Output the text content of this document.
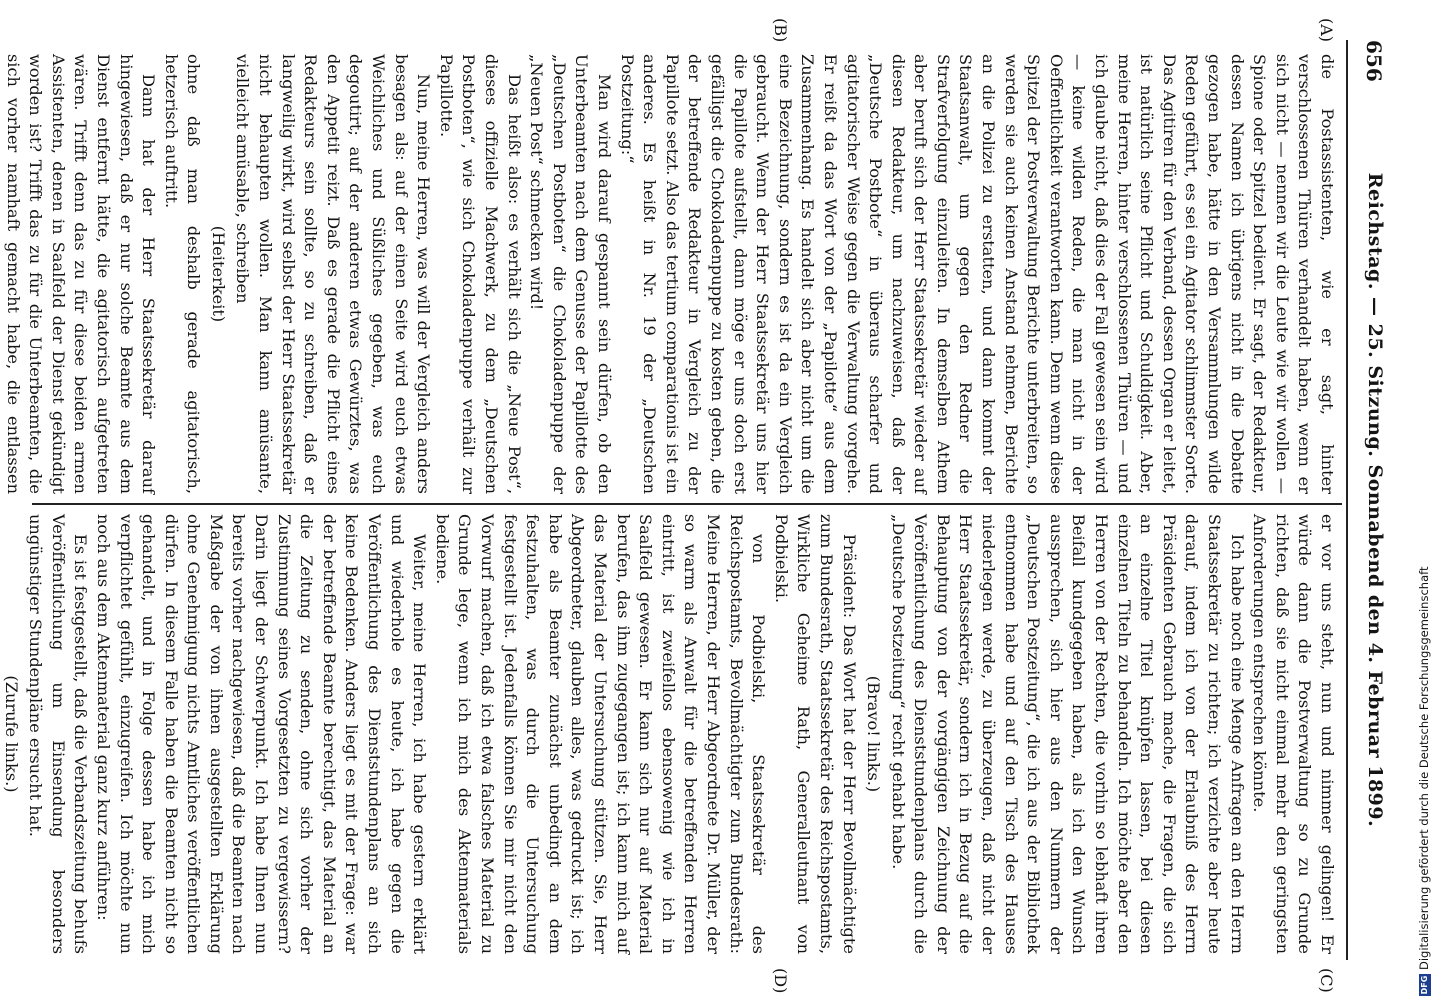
656
Reichstag. — 25. Sitzung. Sonnabend den 4. Februar 1899.
(A)
(B)
(C)
(D)

die Postassistenten, wie er sagt, hinter verschlossenen Thüren verhandelt haben, wenn er sich nicht — nennen wir die Leute wie wir wollen — Spione oder Spitzel bedient. Er sagt, der Redakteur, dessen Namen ich übrigens nicht in die Debatte gezogen habe, hätte in den Versammlungen wilde Reden geführt, es sei ein Agitator schlimmster Sorte. Das Agitiren für den Verband, dessen Organ er leitet, ist natürlich seine Pflicht und Schuldigkeit. Aber, meine Herren, hinter verschlossenen Thüren — und ich glaube nicht, daß dies der Fall gewesen sein wird — keine wilden Reden, die man nicht in der Oeffentlichkeit verantworten kann. Denn wenn diese Spitzel der Postverwaltung Berichte unterbreiten, so werden sie auch keinen Anstand nehmen, Berichte an die Polizei zu erstatten, und dann kommt der Staatsanwalt, um gegen den Redner die Strafverfolgung einzuleiten. In demselben Athem aber beruft sich der Herr Staatssekretär wieder auf diesen Redakteur, um nachzuweisen, daß der „Deutsche Postbote“ in überaus scharfer und agitatorischer Weise gegen die Verwaltung vorgehe. Er reißt da das Wort von der „Papilotte“ aus dem Zusammenhang. Es handelt sich aber nicht um die eine Bezeichnung, sondern es ist da ein Vergleich gebraucht. Wenn der Herr Staatssekretär uns hier die Papillote aufstellt, dann möge er uns doch erst gefälligst die Chokoladenpuppe zu kosten geben, die der betreffende Redakteur in Vergleich zu der Papillote setzt. Also das tertium comparationis ist ein anderes. Es heißt in Nr. 19 der „Deutschen Postzeitung:“

Man wird darauf gespannt sein dürfen, ob den Unterbeamten nach dem Genusse der Papillotte des „Deutschen Postboten“ die Chokoladenpuppe der „Neuen Post“ schmecken wird!

Das heißt also: es verhält sich die „Neue Post“, dieses offizielle Machwerk, zu dem „Deutschen Postboten“, wie sich Chokoladenpuppe verhält zur Papillotte.

Nun, meine Herren, was will der Vergleich anders besagen als: auf der einen Seite wird euch etwas Weichliches und Süßliches gegeben, was euch degoutirt; auf der anderen etwas Gewürztes, was den Appetit reizt. Daß es gerade die Pflicht eines Redakteurs sein sollte, so zu schreiben, daß er langweilig wirkt, wird selbst der Herr Staatssekretär nicht behaupten wollen. Man kann amüsante, vielleicht amüsable, schreiben

(Heiterkeit)

ohne daß man deshalb gerade agitatorisch, hetzerisch auftritt.

Dann hat der Herr Staatssekretär darauf hingewiesen, daß er nur solche Beamte aus dem Dienst entfernt hätte, die agitatorisch aufgetreten wären. Trifft denn das zu für diese beiden armen Assistenten, denen in Saalfeld der Dienst gekündigt worden ist? Trifft das zu für die Unterbeamten, die sich vorher namhaft gemacht habe, die entlassen

er vor uns steht, nun und nimmer gelingen! Er würde dann die Postverwaltung so zu Grunde richten, daß sie nicht einmal mehr den geringsten Anforderungen entsprechen könnte.

Ich habe noch eine Menge Anfragen an den Herrn Staatssekretär zu richten; ich verzichte aber heute darauf, indem ich von der Erlaubniß des Herrn Präsidenten Gebrauch mache, die Fragen, die sich an einzelne Titel knüpfen lassen, bei diesen einzelnen Titeln zu behandeln. Ich möchte aber den Herren von der Rechten, die vorhin so lebhaft ihren Beifall kundgegeben haben, als ich den Wunsch aussprechen, sich hier aus den Nummern der „Deutschen Postzeitung“, die ich aus der Bibliothek entnommen habe und auf den Tisch des Hauses niederlegen werde, zu überzeugen, daß nicht der Herr Staatssekretär, sondern ich in Bezug auf die Behauptung von der vorgängigen Zeichnung der Veröffentlichung des Dienststundenplans durch die „Deutsche Postzeitung“ recht gehabt habe.

(Bravo! links.)

Präsident: Das Wort hat der Herr Bevollmächtigte zum Bundesrath, Staatssekretär des Reichspostamts, Wirkliche Geheime Rath, Generalleutnant von Podbielski.

von Podbielski, Staatssekretär des Reichspostamts, Bevollmächtigter zum Bundesrath: Meine Herren, der Herr Abgeordnete Dr. Müller, der so warm als Anwalt für die betreffenden Herren eintritt, ist zweifellos ebensowenig wie ich in Saalfeld gewesen. Er kann sich nur auf Material berufen, das ihm zugegangen ist; ich kann mich auf das Material der Untersuchung stützen. Sie, Herr Abgeordneter, glauben alles, was gedruckt ist; ich habe als Beamter zunächst unbedingt an dem festzuhalten, was durch die Untersuchung festgestellt ist. Jedenfalls können Sie mir nicht den Vorwurf machen, daß ich etwa falsches Material zu Grunde lege, wenn ich mich des Aktenmaterials bediene.

Weiter, meine Herren, ich habe gestern erklärt und wiederhole es heute, ich habe gegen die Veröffentlichung des Dienststundenplans an sich keine Bedenken. Anders liegt es mit der Frage: war der betreffende Beamte berechtigt, das Material an die Zeitung zu senden, ohne sich vorher der Zustimmung seines Vorgesetzten zu vergewissern? Darin liegt der Schwerpunkt. Ich habe Ihnen nun bereits vorher nachgewiesen, daß die Beamten nach Maßgabe der von ihnen ausgestellten Erklärung ohne Genehmigung nichts Amtliches veröffentlichen dürfen. In diesem Falle haben die Beamten nicht so gehandelt, und in Folge dessen habe ich mich verpflichtet gefühlt, einzugreifen. Ich möchte nun noch aus dem Aktenmaterial ganz kurz anführen:

Es ist festgestellt, daß die Verbandszeitung behufs Veröffentlichung um Einsendung besonders ungünstiger Stundenpläne ersucht hat.

(Zurufe links.)

DFGDigitalisierung gefördert durch die Deutsche Forschungsgemeinschaft
